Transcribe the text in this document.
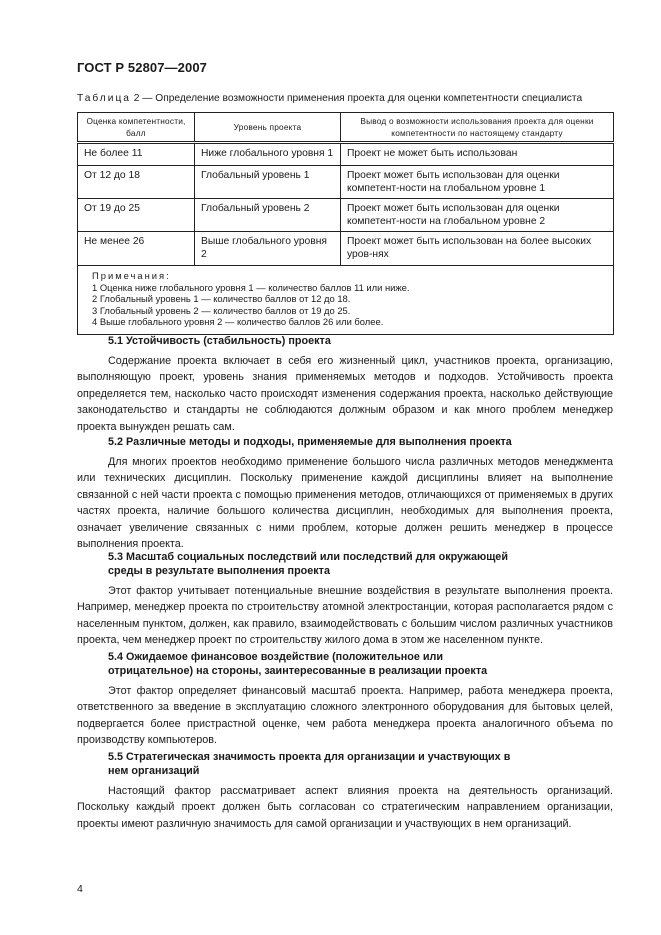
ГОСТ Р 52807—2007
Таблица 2 — Определение возможности применения проекта для оценки компетентности специалиста
Оценка компетентности, балл	Уровень проекта	Вывод о возможности использования проекта для оценки компетентности по настоящему стандарту
Не более 11	Ниже глобального уровня 1	Проект не может быть использован
От 12 до 18	Глобальный уровень 1	Проект может быть использован для оценки компетент-ности на глобальном уровне 1
От 19 до 25	Глобальный уровень 2	Проект может быть использован для оценки компетент-ности на глобальном уровне 2
Не менее 26	Выше глобального уровня 2	Проект может быть использован на более высоких уров-нях

Примечания:
1 Оценка ниже глобального уровня 1 — количество баллов 11 или ниже.
2 Глобальный уровень 1 — количество баллов от 12 до 18.
3 Глобальный уровень 2 — количество баллов от 19 до 25.
4 Выше глобального уровня 2 — количество баллов 26 или более.		
5.1 Устойчивость (стабильность) проекта
Содержание проекта включает в себя его жизненный цикл, участников проекта, организацию, выполняющую проект, уровень знания применяемых методов и подходов. Устойчивость проекта определяется тем, насколько часто происходят изменения содержания проекта, насколько действующие законодательство и стандарты не соблюдаются должным образом и как много проблем менеджер проекта вынужден решать сам.
5.2 Различные методы и подходы, применяемые для выполнения проекта
Для многих проектов необходимо применение большого числа различных методов менеджмента или технических дисциплин. Поскольку применение каждой дисциплины влияет на выполнение связанной с ней части проекта с помощью применения методов, отличающихся от применяемых в других частях проекта, наличие большого количества дисциплин, необходимых для выполнения проекта, означает увеличение связанных с ними проблем, которые должен решить менеджер в процессе выполнения проекта.
5.3 Масштаб социальных последствий или последствий для окружающей среды в результате выполнения проекта
Этот фактор учитывает потенциальные внешние воздействия в результате выполнения проекта. Например, менеджер проекта по строительству атомной электростанции, которая располагается рядом с населенным пунктом, должен, как правило, взаимодействовать с большим числом различных участников проекта, чем менеджер проект по строительству жилого дома в этом же населенном пункте.
5.4 Ожидаемое финансовое воздействие (положительное или отрицательное) на стороны, заинтересованные в реализации проекта
Этот фактор определяет финансовый масштаб проекта. Например, работа менеджера проекта, ответственного за введение в эксплуатацию сложного электронного оборудования для бытовых целей, подвергается более пристрастной оценке, чем работа менеджера проекта аналогичного объема по производству компьютеров.
5.5 Стратегическая значимость проекта для организации и участвующих в нем организаций
Настоящий фактор рассматривает аспект влияния проекта на деятельность организаций. Поскольку каждый проект должен быть согласован со стратегическим направлением организации, проекты имеют различную значимость для самой организации и участвующих в нем организаций.
4
